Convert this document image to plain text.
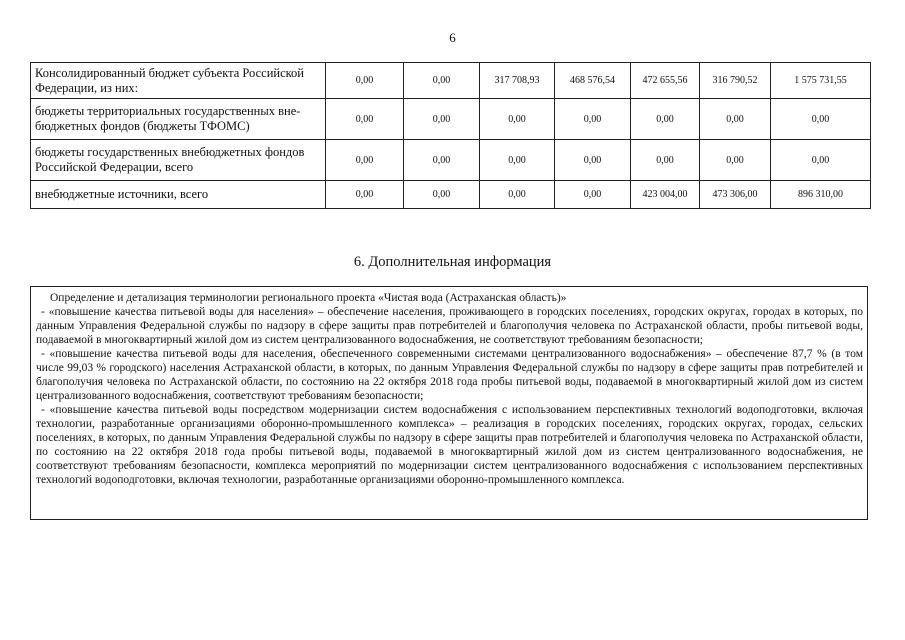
6
Консолидированный бюджет субъекта Российской Федерации, из них:	0,00	0,00	317 708,93	468 576,54	472 655,56	316 790,52	1 575 731,55
бюджеты территориальных государственных вне-бюджетных фондов (бюджеты ТФОМС)	0,00	0,00	0,00	0,00	0,00	0,00	0,00
бюджеты государственных внебюджетных фондов Российской Федерации, всего	0,00	0,00	0,00	0,00	0,00	0,00	0,00
внебюджетные источники, всего	0,00	0,00	0,00	0,00	423 004,00	473 306,00	896 310,00
6. Дополнительная информация

Определение и детализация терминологии регионального проекта «Чистая вода (Астраханская область)»

- «повышение качества питьевой воды для населения» – обеспечение населения, проживающего в городских поселениях, городских округах, городах в которых, по данным Управления Федеральной службы по надзору в сфере защиты прав потребителей и благополучия человека по Астраханской области, пробы питьевой воды, подаваемой в многоквартирный жилой дом из систем централизованного водоснабжения, не соответствуют требованиям безопасности;

- «повышение качества питьевой воды для населения, обеспеченного современными системами централизованного водоснабжения» – обеспечение 87,7 % (в том числе 99,03 % городского) населения Астраханской области, в которых, по данным Управления Федеральной службы по надзору в сфере защиты прав потребителей и благополучия человека по Астраханской области, по состоянию на 22 октября 2018 года пробы питьевой воды, подаваемой в многоквартирный жилой дом из систем централизованного водоснабжения, соответствуют требованиям безопасности;

- «повышение качества питьевой воды посредством модернизации систем водоснабжения с использованием перспективных технологий водоподготовки, включая технологии, разработанные организациями оборонно-промышленного комплекса» – реализация в городских поселениях, городских округах, городах, сельских поселениях, в которых, по данным Управления Федеральной службы по надзору в сфере защиты прав потребителей и благополучия человека по Астраханской области, по состоянию на 22 октября 2018 года пробы питьевой воды, подаваемой в многоквартирный жилой дом из систем централизованного водоснабжения, не соответствуют требованиям безопасности, комплекса мероприятий по модернизации систем централизованного водоснабжения с использованием перспективных технологий водоподготовки, включая технологии, разработанные организациями оборонно-промышленного комплекса.
